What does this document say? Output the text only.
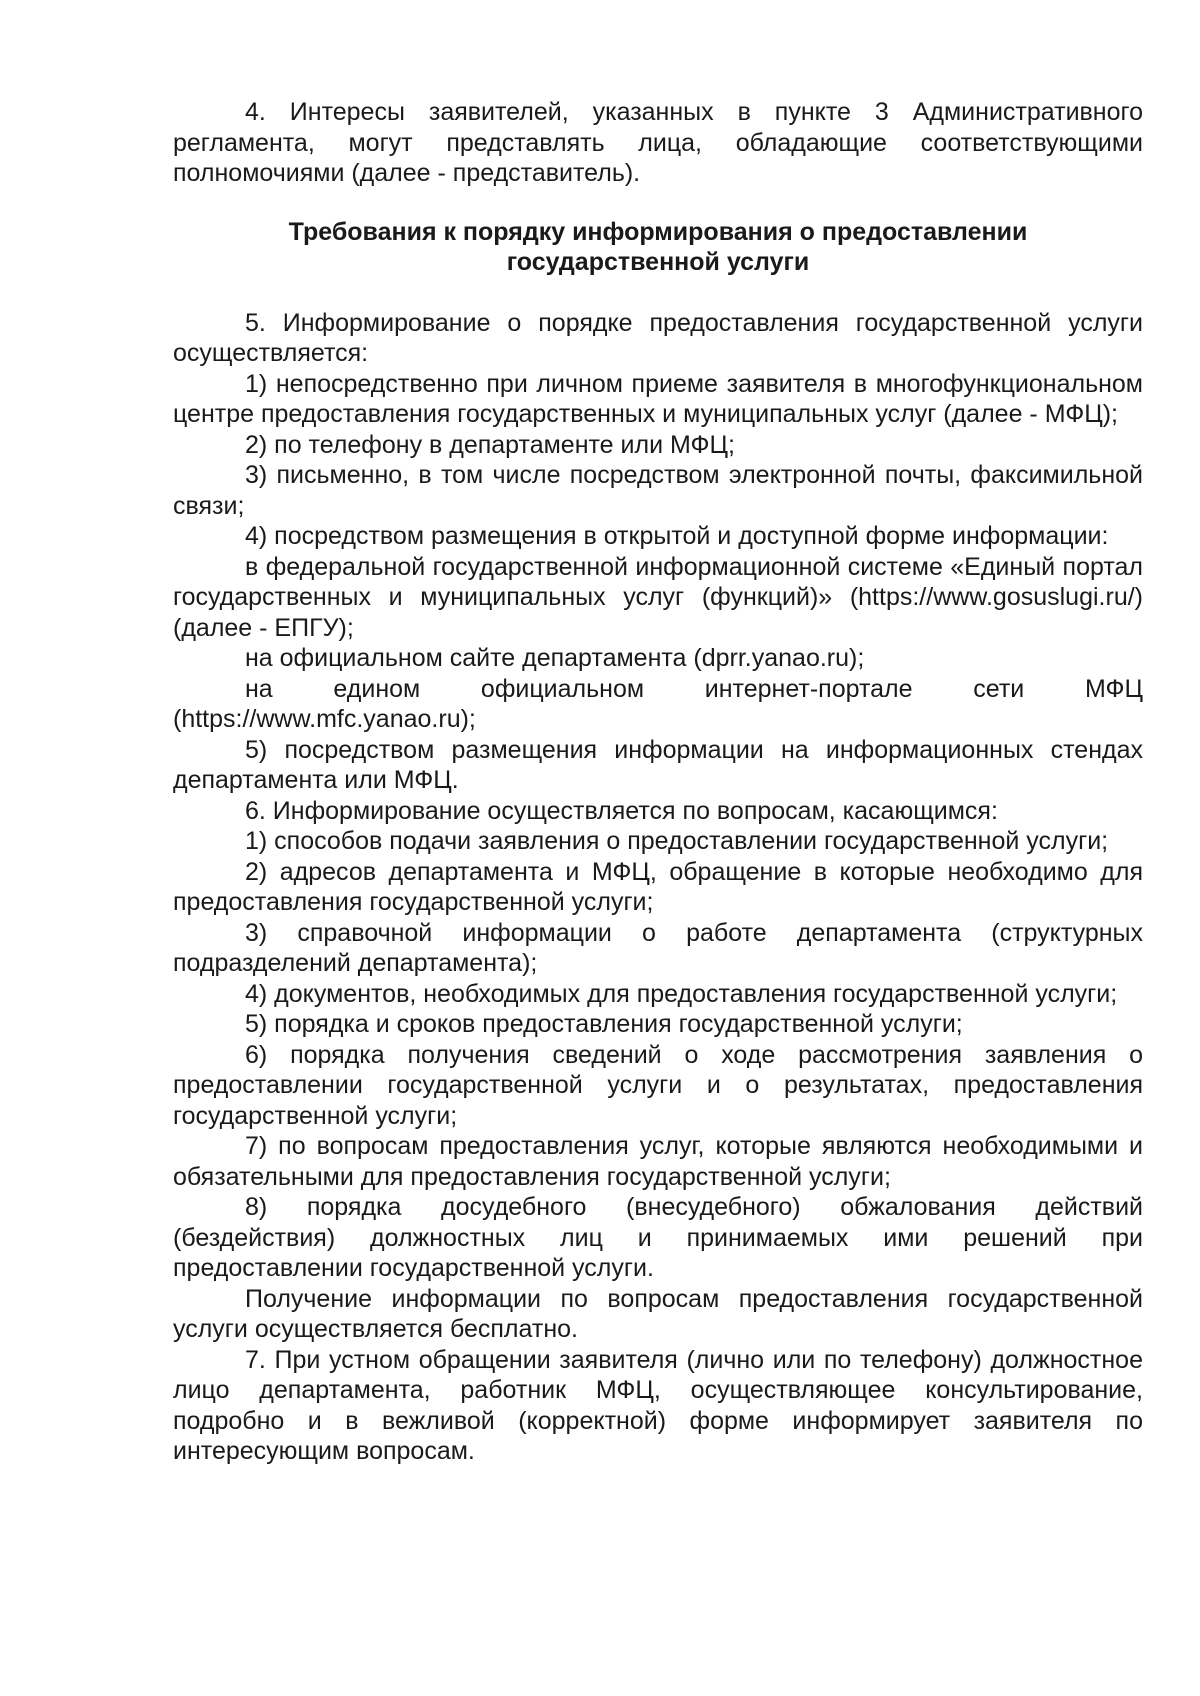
4. Интересы заявителей, указанных в пункте 3 Административного регламента, могут представлять лица, обладающие соответствующими полномочиями (далее - представитель).

Требования к порядку информирования о предоставлении
государственной услуги

5. Информирование о порядке предоставления государственной услуги осуществляется:

1) непосредственно при личном приеме заявителя в многофункциональном центре предоставления государственных и муниципальных услуг (далее - МФЦ);

2) по телефону в департаменте или МФЦ;

3) письменно, в том числе посредством электронной почты, факсимильной связи;

4) посредством размещения в открытой и доступной форме информации:

в федеральной государственной информационной системе «Единый портал государственных и муниципальных услуг (функций)» (https://www.gosuslugi.ru/) (далее - ЕПГУ);

на официальном сайте департамента (dprr.yanao.ru);

на едином официальном интернет-портале сети МФЦ (https://www.mfc.yanao.ru);

5) посредством размещения информации на информационных стендах департамента или МФЦ.

6. Информирование осуществляется по вопросам, касающимся:

1) способов подачи заявления о предоставлении государственной услуги;

2) адресов департамента и МФЦ, обращение в которые необходимо для предоставления государственной услуги;

3) справочной информации о работе департамента (структурных подразделений департамента);

4) документов, необходимых для предоставления государственной услуги;

5) порядка и сроков предоставления государственной услуги;

6) порядка получения сведений о ходе рассмотрения заявления о предоставлении государственной услуги и о результатах, предоставления государственной услуги;

7) по вопросам предоставления услуг, которые являются необходимыми и обязательными для предоставления государственной услуги;

8) порядка досудебного (внесудебного) обжалования действий (бездействия) должностных лиц и принимаемых ими решений при предоставлении государственной услуги.

Получение информации по вопросам предоставления государственной услуги осуществляется бесплатно.

7. При устном обращении заявителя (лично или по телефону) должностное лицо департамента, работник МФЦ, осуществляющее консультирование, подробно и в вежливой (корректной) форме информирует заявителя по интересующим вопросам.
